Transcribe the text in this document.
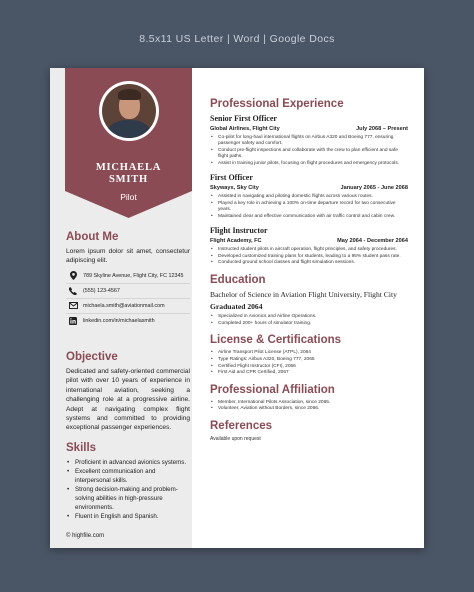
8.5x11 US Letter | Word | Google Docs
MICHAELA
SMITH
Pilot
About Me
Lorem ipsum dolor sit amet, consectetur adipiscing elit.
789 Skyline Avenue, Flight City, FC 12345
(555) 123-4567
michaela.smith@aviationmail.com
linkedin.com/in/michaelasmith
Objective
Dedicated and safety-oriented commercial pilot with over 10 years of experience in international aviation, seeking a challenging role at a progressive airline. Adept at navigating complex flight systems and committed to providing exceptional passenger experiences.
Skills
• Proficient in advanced avionics systems.
• Excellent communication and interpersonal skills.
• Strong decision-making and problem-solving abilities in high-pressure environments.
• Fluent in English and Spanish.
© highfile.com
Professional Experience
Senior First Officer
Global Airlines, Flight City	July 2068 – Present
• Co-pilot for long-haul international flights on Airbus A320 and Boeing 777, ensuring passenger safety and comfort.
• Conduct pre-flight inspections and collaborate with the crew to plan efficient and safe flight paths.
• Assist in training junior pilots, focusing on flight procedures and emergency protocols.
First Officer
Skyways, Sky City	January 2065 - June 2068
• Assisted in navigating and piloting domestic flights across various routes.
• Played a key role in achieving a 100% on-time departure record for two consecutive years.
• Maintained clear and effective communication with air traffic control and cabin crew.
Flight Instructor
Flight Academy, FC	May 2064 - December 2064
• Instructed student pilots in aircraft operation, flight principles, and safety procedures.
• Developed customized training plans for students, leading to a 95% student pass rate.
• Conducted ground school classes and flight simulation sessions.
Education
Bachelor of Science in Aviation Flight University, Flight City
Graduated 2064
• Specialized in Avionics and Airline Operations.
• Completed 200+ hours of simulator training.
License & Certifications
• Airline Transport Pilot License (ATPL), 2064
• Type Ratings: Airbus A320, Boeing 777, 2065
• Certified Flight Instructor (CFI), 2066
• First Aid and CPR Certified, 2067
Professional Affiliation
• Member, International Pilots Association, since 2065.
• Volunteer, Aviation without Borders, since 2066.
References
Available upon request
